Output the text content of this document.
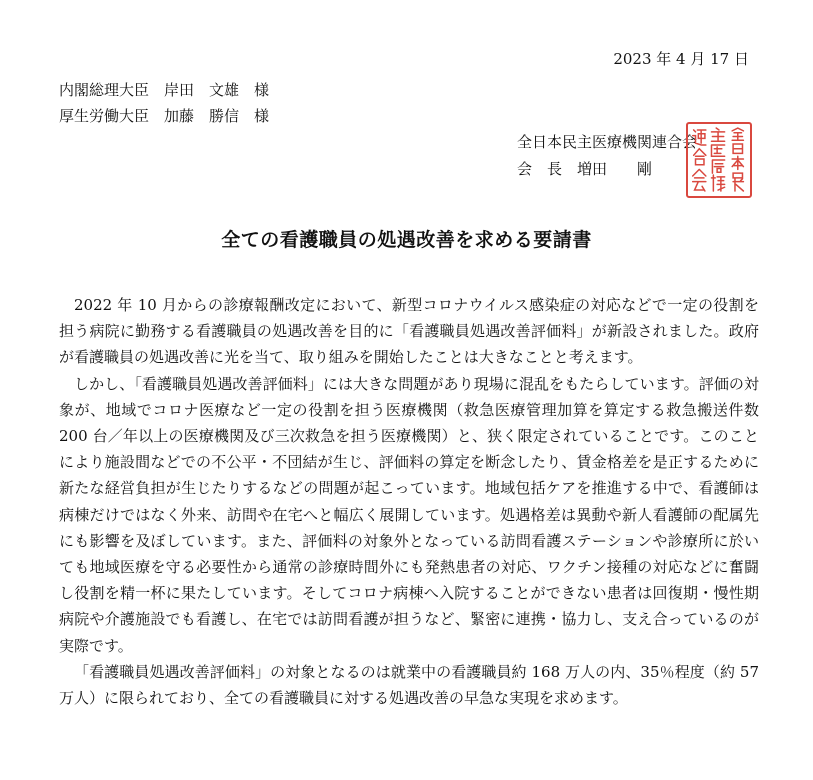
2023 年 4 月 17 日
内閣総理大臣　岸田　文雄　様
厚生労働大臣　加藤　勝信　様
全日本民主医療機関連合会
会　長　増田　　剛
全ての看護職員の処遇改善を求める要請書

2022 年 10 月からの診療報酬改定において、新型コロナウイルス感染症の対応などで一定の役割を担う病院に勤務する看護職員の処遇改善を目的に「看護職員処遇改善評価料」が新設されました。政府が看護職員の処遇改善に光を当て、取り組みを開始したことは大きなことと考えます。

しかし、「看護職員処遇改善評価料」には大きな問題があり現場に混乱をもたらしています。評価の対象が、地域でコロナ医療など一定の役割を担う医療機関（救急医療管理加算を算定する救急搬送件数 200 台／年以上の医療機関及び三次救急を担う医療機関）と、狭く限定されていることです。このことにより施設間などでの不公平・不団結が生じ、評価料の算定を断念したり、賃金格差を是正するために新たな経営負担が生じたりするなどの問題が起こっています。地域包括ケアを推進する中で、看護師は病棟だけではなく外来、訪問や在宅へと幅広く展開しています。処遇格差は異動や新人看護師の配属先にも影響を及ぼしています。また、評価料の対象外となっている訪問看護ステーションや診療所に於いても地域医療を守る必要性から通常の診療時間外にも発熱患者の対応、ワクチン接種の対応などに奮闘し役割を精一杯に果たしています。そしてコロナ病棟へ入院することができない患者は回復期・慢性期病院や介護施設でも看護し、在宅では訪問看護が担うなど、緊密に連携・協力し、支え合っているのが実際です。

「看護職員処遇改善評価料」の対象となるのは就業中の看護職員約 168 万人の内、35％程度（約 57 万人）に限られており、全ての看護職員に対する処遇改善の早急な実現を求めます。
